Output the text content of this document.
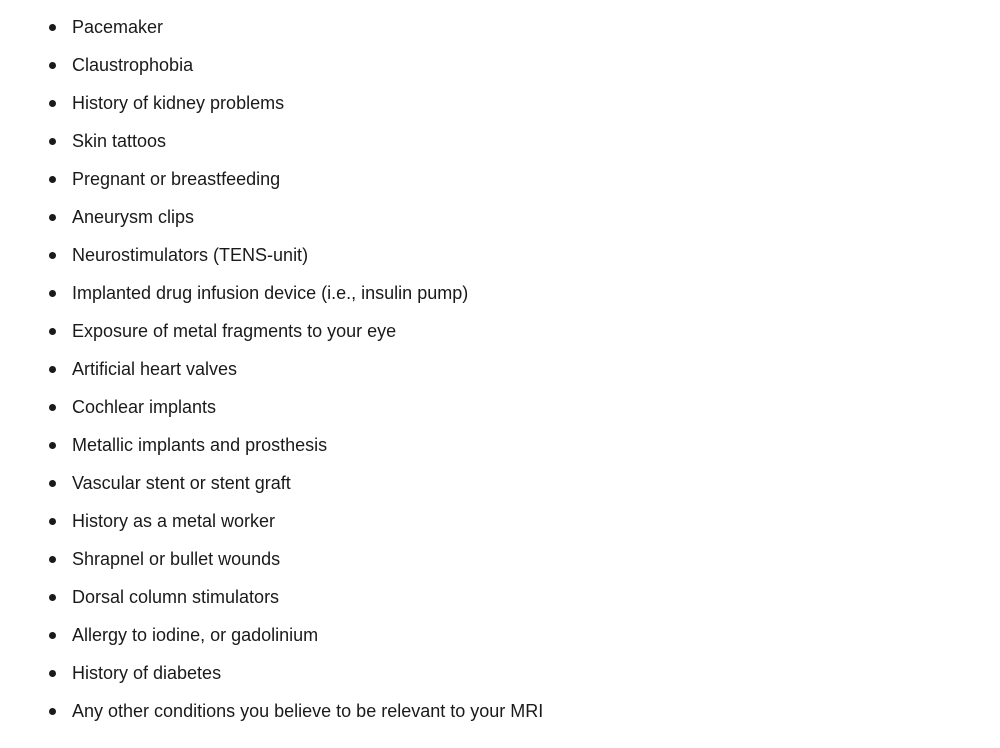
Pacemaker
Claustrophobia
History of kidney problems
Skin tattoos
Pregnant or breastfeeding
Aneurysm clips
Neurostimulators (TENS-unit)
Implanted drug infusion device (i.e., insulin pump)
Exposure of metal fragments to your eye
Artificial heart valves
Cochlear implants
Metallic implants and prosthesis
Vascular stent or stent graft
History as a metal worker
Shrapnel or bullet wounds
Dorsal column stimulators
Allergy to iodine, or gadolinium
History of diabetes
Any other conditions you believe to be relevant to your MRI
